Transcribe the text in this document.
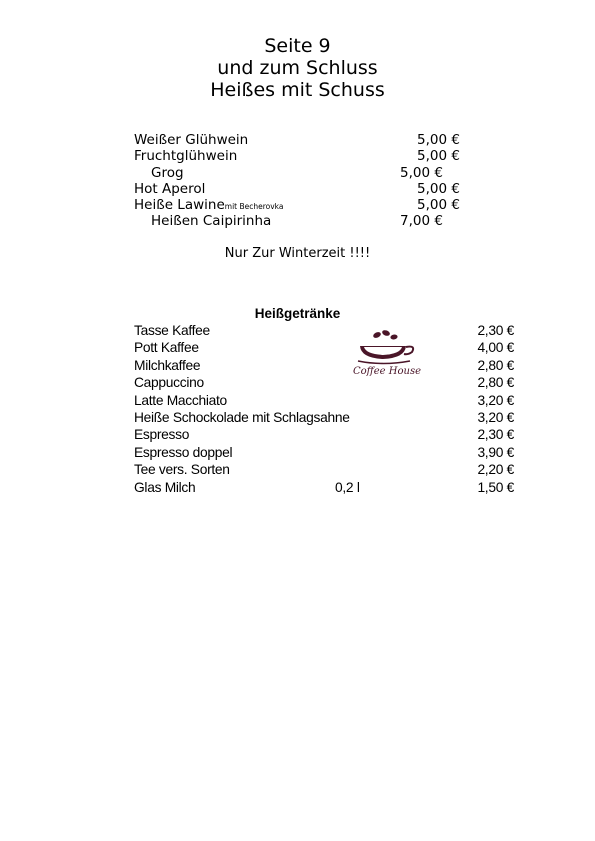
Seite 9
und zum Schluss
Heißes mit Schuss
Weißer Glühwein	5,00 €
Fruchtglühwein	5,00 €
Grog	5,00 €
Hot Aperol	5,00 €
Heiße Lawinemit Becherovka	5,00 €
Heißen Caipirinha	7,00 €
Nur Zur Winterzeit !!!!
Heißgetränke
Tasse Kaffee	2,30 €
Pott Kaffee	4,00 €
Milchkaffee	2,80 €
Cappuccino	2,80 €
Latte Macchiato	3,20 €
Heiße Schockolade mit Schlagsahne	3,20 €
Espresso	2,30 €
Espresso doppel	3,90 €
Tee vers. Sorten	2,20 €
Glas Milch	0,2 l	1,50 €
Coffee House
